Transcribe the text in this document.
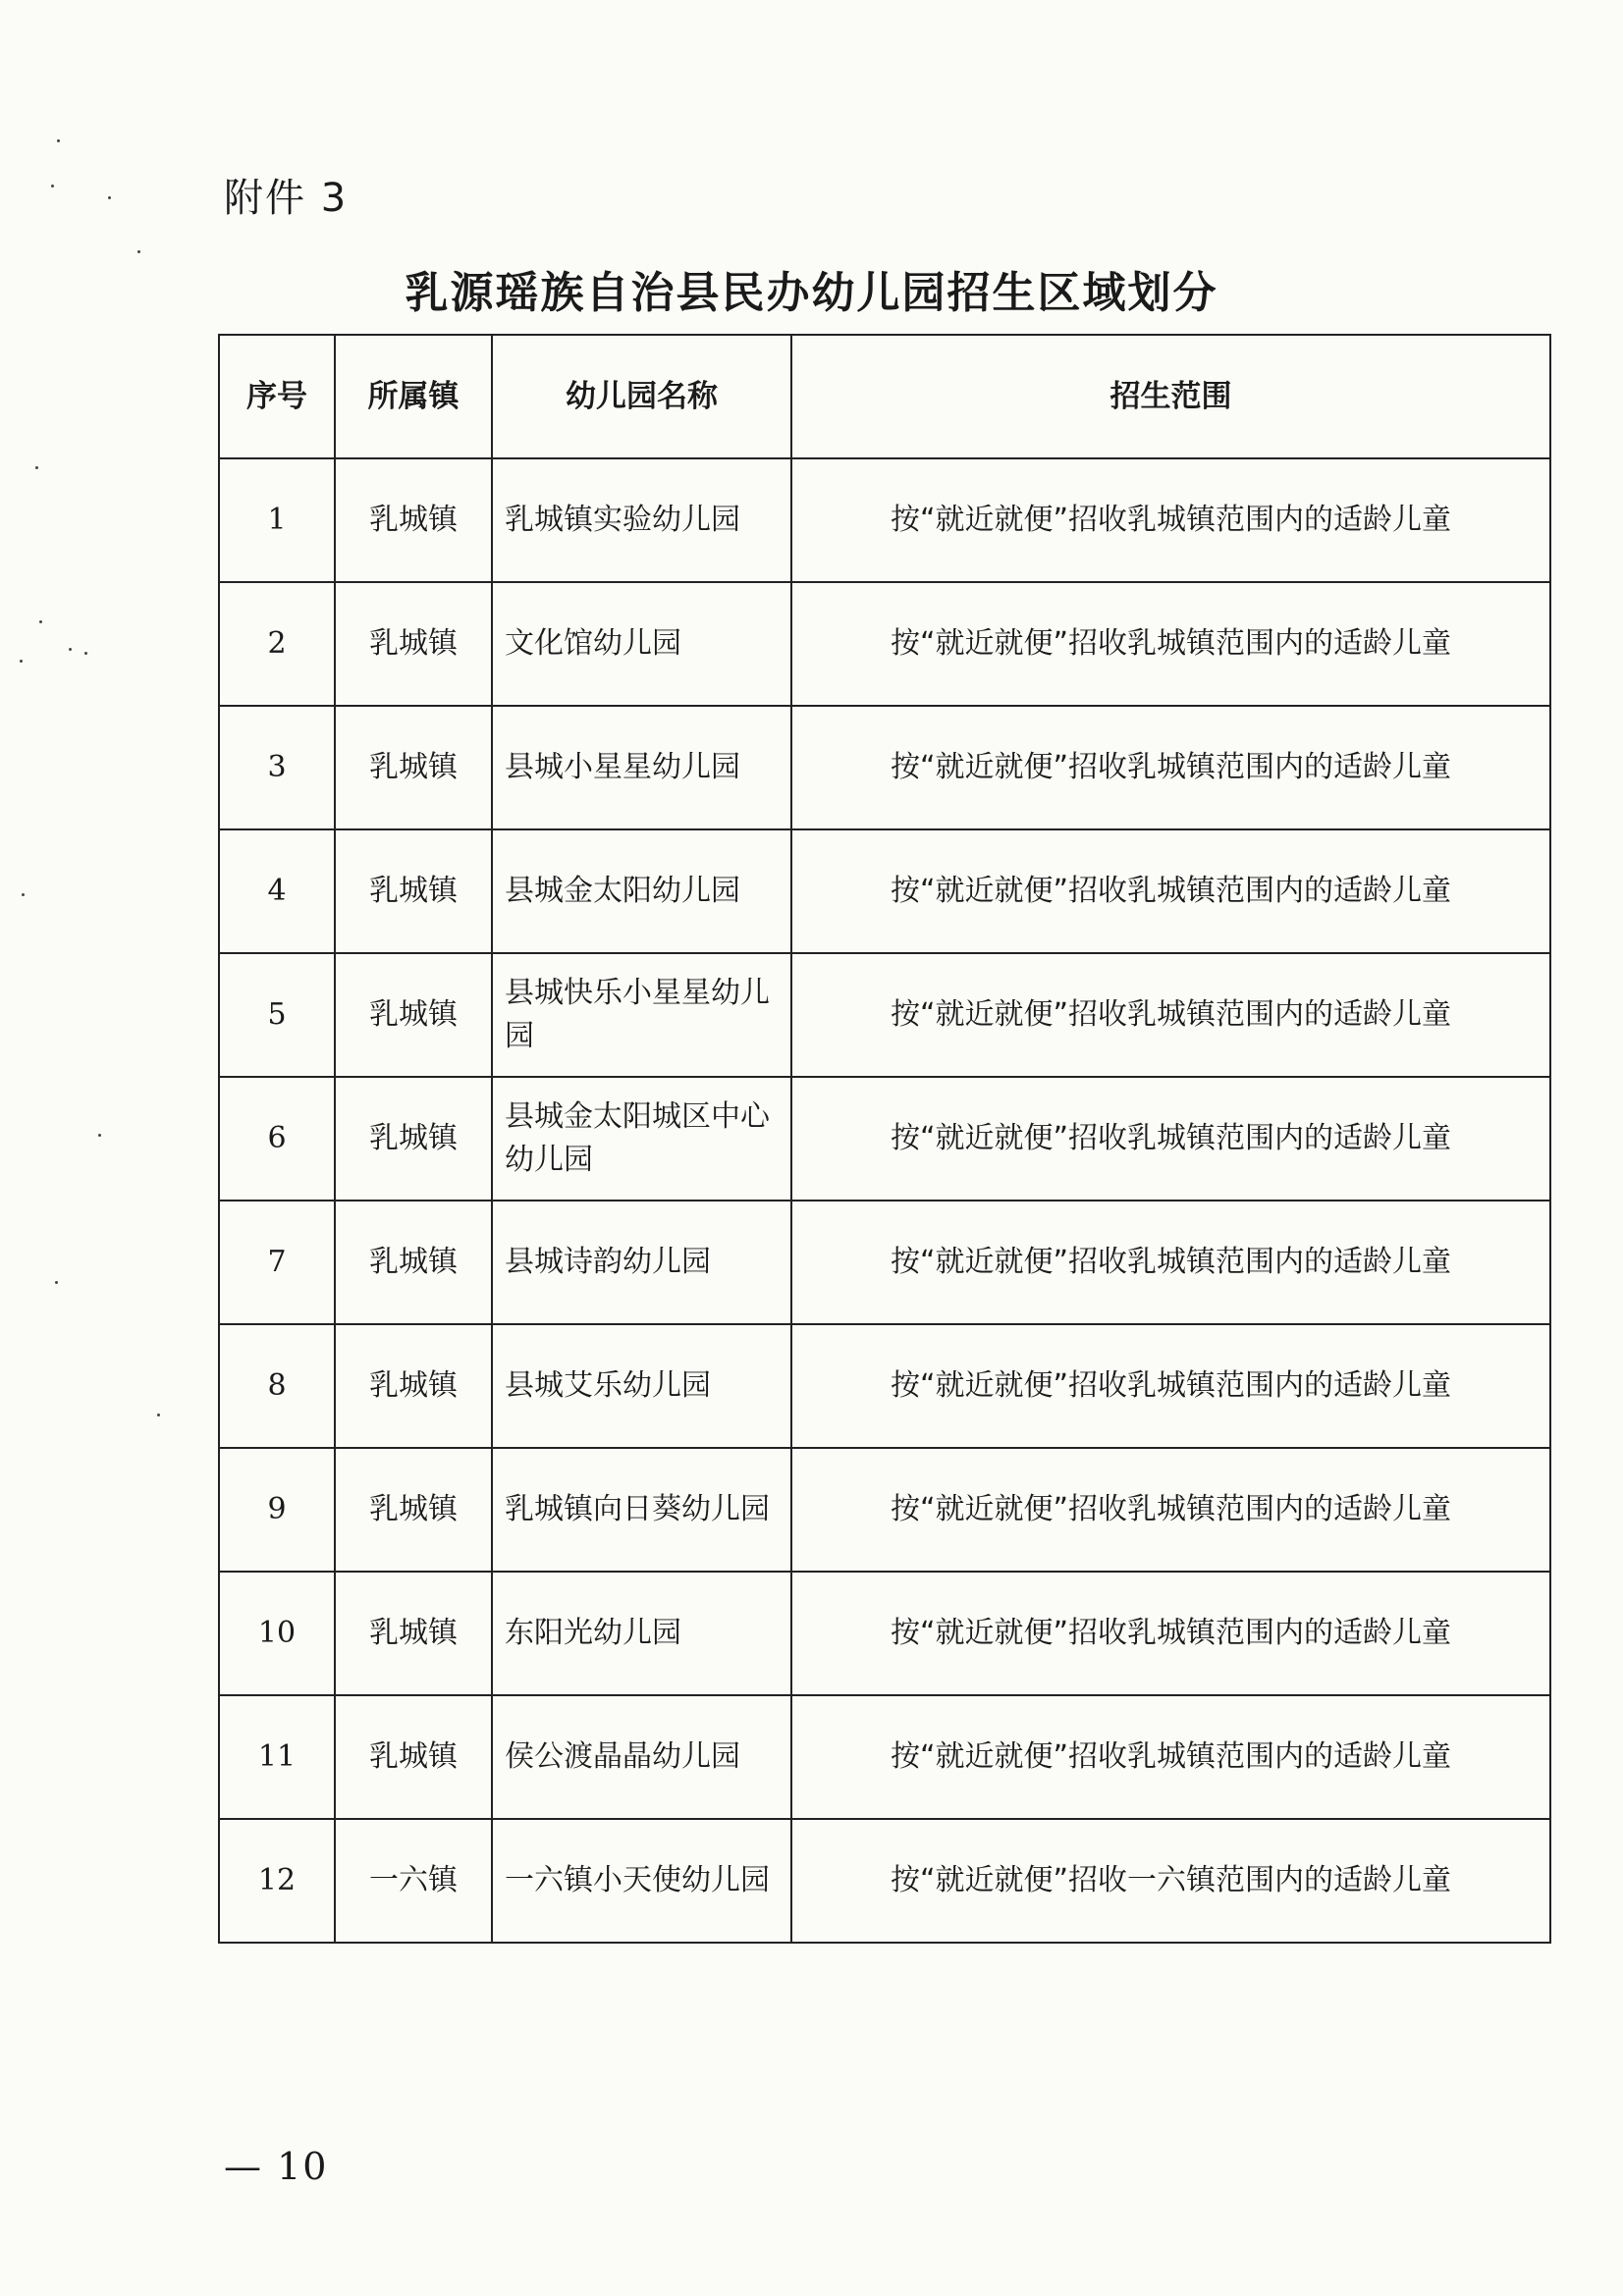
附件 3
乳源瑶族自治县民办幼儿园招生区域划分
序号	所属镇	幼儿园名称	招生范围
1	乳城镇	乳城镇实验幼儿园	按“就近就便”招收乳城镇范围内的适龄儿童
2	乳城镇	文化馆幼儿园	按“就近就便”招收乳城镇范围内的适龄儿童
3	乳城镇	县城小星星幼儿园	按“就近就便”招收乳城镇范围内的适龄儿童
4	乳城镇	县城金太阳幼儿园	按“就近就便”招收乳城镇范围内的适龄儿童
5	乳城镇	县城快乐小星星幼儿园	按“就近就便”招收乳城镇范围内的适龄儿童
6	乳城镇	县城金太阳城区中心幼儿园	按“就近就便”招收乳城镇范围内的适龄儿童
7	乳城镇	县城诗韵幼儿园	按“就近就便”招收乳城镇范围内的适龄儿童
8	乳城镇	县城艾乐幼儿园	按“就近就便”招收乳城镇范围内的适龄儿童
9	乳城镇	乳城镇向日葵幼儿园	按“就近就便”招收乳城镇范围内的适龄儿童
10	乳城镇	东阳光幼儿园	按“就近就便”招收乳城镇范围内的适龄儿童
11	乳城镇	侯公渡晶晶幼儿园	按“就近就便”招收乳城镇范围内的适龄儿童
12	一六镇	一六镇小天使幼儿园	按“就近就便”招收一六镇范围内的适龄儿童
— 10
